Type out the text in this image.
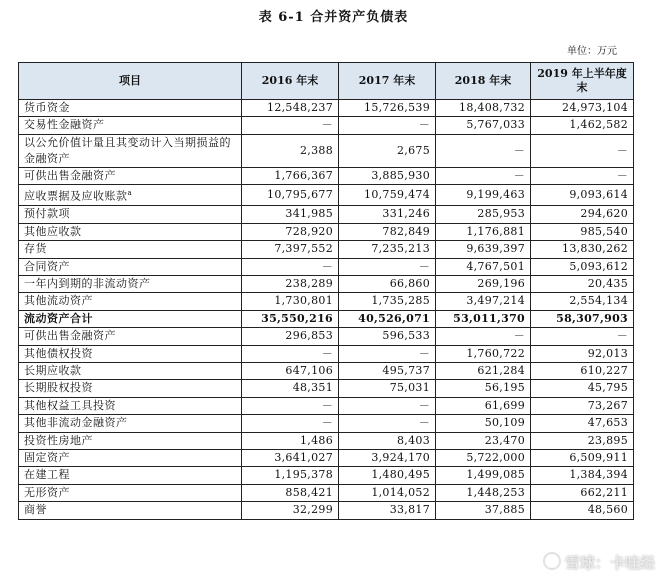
表 6-1 合并资产负债表
单位：万元
项目	2016 年末	2017 年末	2018 年末	2019 年上半年度末
货币资金	12,548,237	15,726,539	18,408,732	24,973,104
交易性金融资产	－	－	5,767,033	1,462,582
以公允价值计量且其变动计入当期损益的金融资产	2,388	2,675	－	－
可供出售金融资产	1,766,367	3,885,930	－	－
应收票据及应收账款$^a$	10,795,677	10,759,474	9,199,463	9,093,614
预付款项	341,985	331,246	285,953	294,620
其他应收款	728,920	782,849	1,176,881	985,540
存货	7,397,552	7,235,213	9,639,397	13,830,262
合同资产	－	－	4,767,501	5,093,612
一年内到期的非流动资产	238,289	66,860	269,196	20,435
其他流动资产	1,730,801	1,735,285	3,497,214	2,554,134
流动资产合计	35,550,216	40,526,071	53,011,370	58,307,903
可供出售金融资产	296,853	596,533	－	－
其他债权投资	－	－	1,760,722	92,013
长期应收款	647,106	495,737	621,284	610,227
长期股权投资	48,351	75,031	56,195	45,795
其他权益工具投资	－	－	61,699	73,267
其他非流动金融资产	－	－	50,109	47,653
投资性房地产	1,486	8,403	23,470	23,895
固定资产	3,641,027	3,924,170	5,722,000	6,509,911
在建工程	1,195,378	1,480,495	1,499,085	1,384,394
无形资产	858,421	1,014,052	1,448,253	662,211
商誉	32,299	33,817	37,885	48,560
雪球：卡哇经
